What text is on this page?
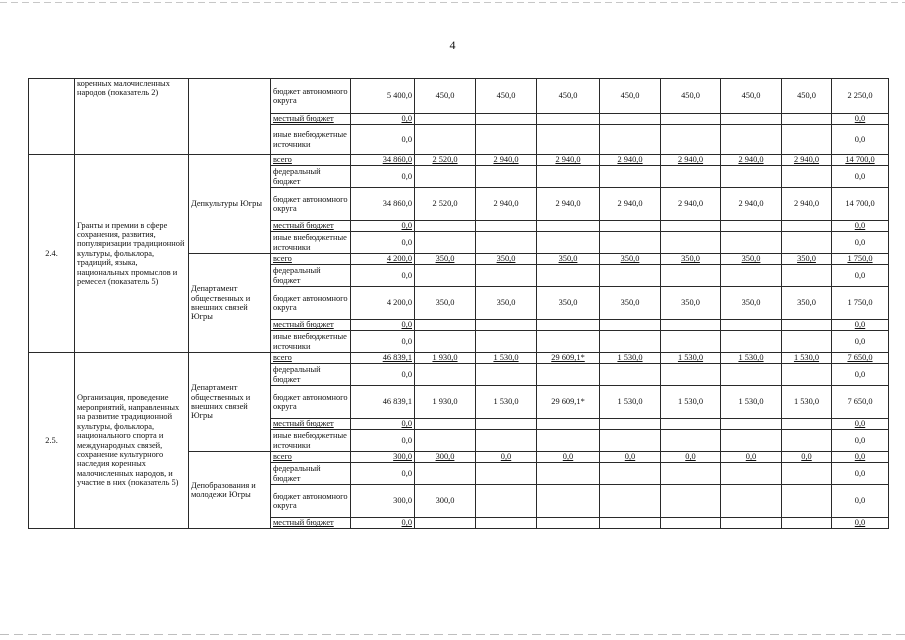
4
	коренных малочисленных народов (показатель 2)		бюджет автономного округа	5 400,0	450,0	450,0	450,0	450,0	450,0	450,0	450,0	2 250,0
			местный бюджет	0,0								0,0
			иные внебюджетные источники	0,0								0,0
2.4.	Гранты и премии в сфере сохранения, развития, популяризации традиционной культуры, фольклора, традиций, языка, национальных промыслов и ремесел (показатель 5)	Депкультуры Югры	всего	34 860,0	2 520,0	2 940,0	2 940,0	2 940,0	2 940,0	2 940,0	2 940,0	14 700,0
			федеральный бюджет	0,0								0,0
			бюджет автономного округа	34 860,0	2 520,0	2 940,0	2 940,0	2 940,0	2 940,0	2 940,0	2 940,0	14 700,0
			местный бюджет	0,0								0,0
			иные внебюджетные источники	0,0								0,0
		Департамент общественных и внешних связей Югры	всего	4 200,0	350,0	350,0	350,0	350,0	350,0	350,0	350,0	1 750,0
			федеральный бюджет	0,0								0,0
			бюджет автономного округа	4 200,0	350,0	350,0	350,0	350,0	350,0	350,0	350,0	1 750,0
			местный бюджет	0,0								0,0
			иные внебюджетные источники	0,0								0,0
2.5.	Организация, проведение мероприятий, направленных на развитие традиционной культуры, фольклора, национального спорта и международных связей, сохранение культурного наследия коренных малочисленных народов, и участие в них (показатель 5)	Департамент общественных и внешних связей Югры	всего	46 839,1	1 930,0	1 530,0	29 609,1*	1 530,0	1 530,0	1 530,0	1 530,0	7 650,0
			федеральный бюджет	0,0								0,0
			бюджет автономного округа	46 839,1	1 930,0	1 530,0	29 609,1*	1 530,0	1 530,0	1 530,0	1 530,0	7 650,0
			местный бюджет	0,0								0,0
			иные внебюджетные источники	0,0								0,0
		Депобразования и молодежи Югры	всего	300,0	300,0	0,0	0,0	0,0	0,0	0,0	0,0	0,0
			федеральный бюджет	0,0								0,0
			бюджет автономного округа	300,0	300,0							0,0
			местный бюджет	0,0								0,0
